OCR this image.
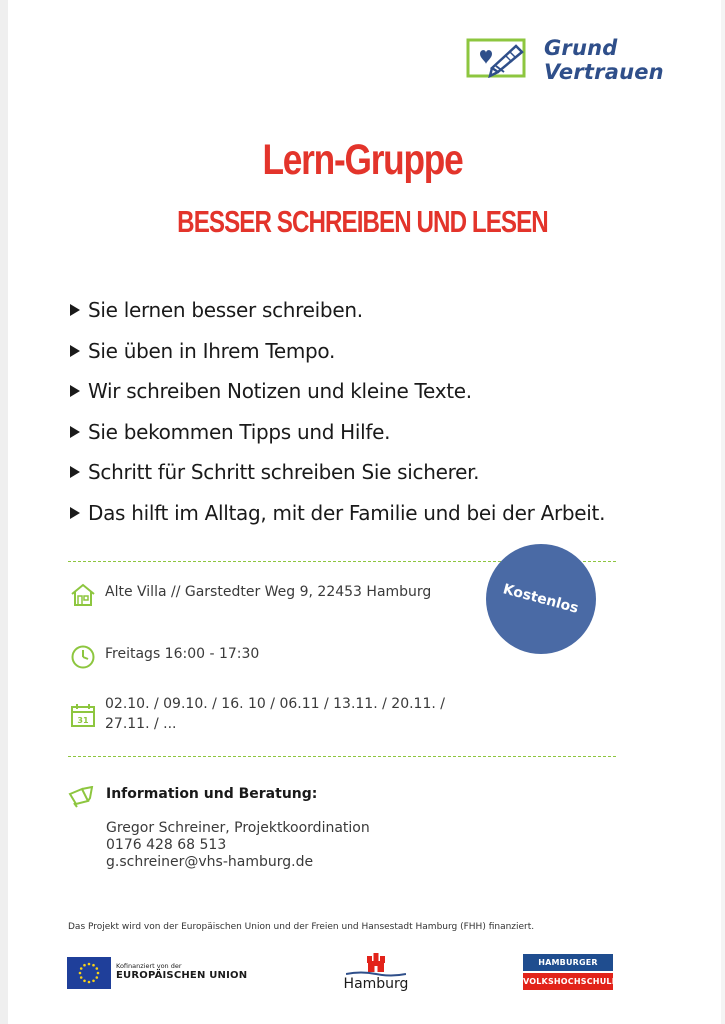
Grund
Vertrauen
Lern-Gruppe
BESSER SCHREIBEN UND LESEN
Sie lernen besser schreiben.
Sie üben in Ihrem Tempo.
Wir schreiben Notizen und kleine Texte.
Sie bekommen Tipps und Hilfe.
Schritt für Schritt schreiben Sie sicherer.
Das hilft im Alltag, mit der Familie und bei der Arbeit.
Alte Villa // Garstedter Weg 9, 22453 Hamburg
Freitags 16:00 - 17:30
31
02.10. / 09.10. / 16. 10 / 06.11 / 13.11. / 20.11. /
27.11. / ...
Kostenlos
Information und Beratung:
Gregor Schreiner, Projektkoordination
0176 428 68 513
g.schreiner@vhs-hamburg.de
Das Projekt wird von der Europäischen Union und der Freien und Hansestadt Hamburg (FHH) finanziert.
Kofinanziert von der
EUROPÄISCHEN UNION
Hamburg
HAMBURGER
VOLKSHOCHSCHULE
